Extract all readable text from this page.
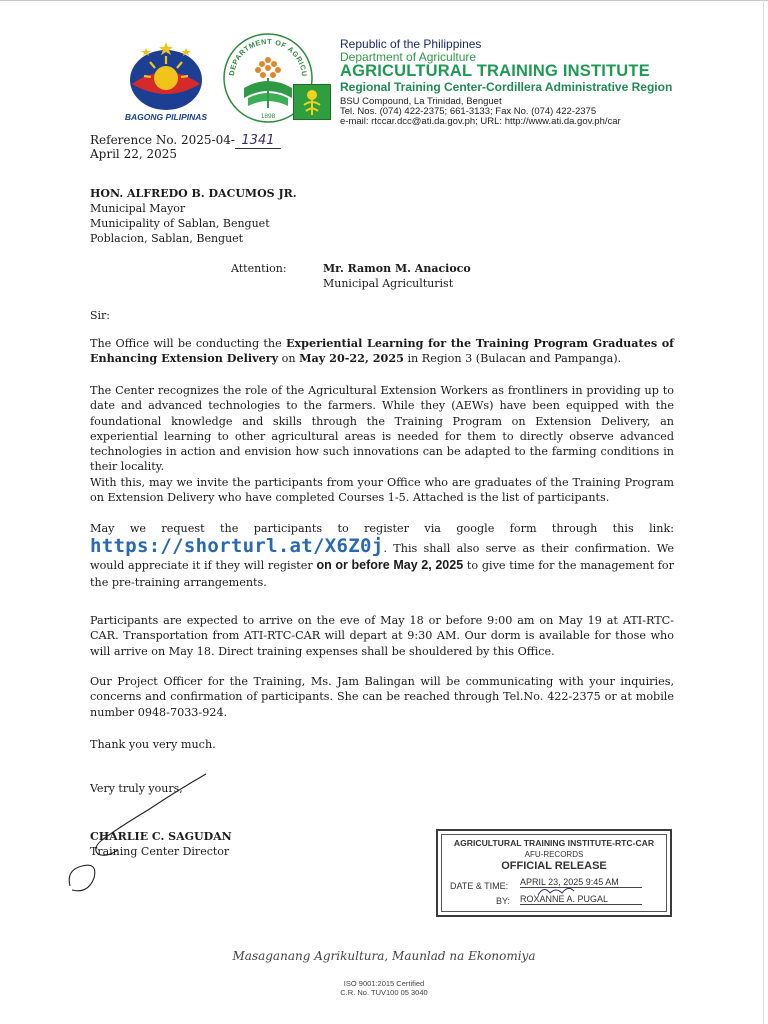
BAGONG PILIPINAS
DEPARTMENT OF AGRICU
1898
Republic of the Philippines
Department of Agriculture
AGRICULTURAL TRAINING INSTITUTE
Regional Training Center-Cordillera Administrative Region
BSU Compound, La Trinidad, Benguet
Tel. Nos. (074) 422-2375; 661-3133; Fax No. (074) 422-2375
e-mail: rtccar.dcc@ati.da.gov.ph; URL: http://www.ati.da.gov.ph/car
Reference No. 2025-04- 1341
April 22, 2025
HON. ALFREDO B. DACUMOS JR.
Municipal Mayor
Municipality of Sablan, Benguet
Poblacion, Sablan, Benguet
Attention:	Mr. Ramon M. Anacioco
Municipal Agriculturist
Sir:
The Office will be conducting the Experiential Learning for the Training Program Graduates of Enhancing Extension Delivery on May 20-22, 2025 in Region 3 (Bulacan and Pampanga).
The Center recognizes the role of the Agricultural Extension Workers as frontliners in providing up to date and advanced technologies to the farmers. While they (AEWs) have been equipped with the foundational knowledge and skills through the Training Program on Extension Delivery, an experiential learning to other agricultural areas is needed for them to directly observe advanced technologies in action and envision how such innovations can be adapted to the farming conditions in their locality.
With this, may we invite the participants from your Office who are graduates of the Training Program on Extension Delivery who have completed Courses 1-5. Attached is the list of participants.
May we request the participants to register via google form through this link:
https://shorturl.at/X6Z0j. This shall also serve as their confirmation. We would appreciate it if they will register on or before May 2, 2025 to give time for the management for the pre-training arrangements.
Participants are expected to arrive on the eve of May 18 or before 9:00 am on May 19 at ATI-RTC-CAR. Transportation from ATI-RTC-CAR will depart at 9:30 AM. Our dorm is available for those who will arrive on May 18. Direct training expenses shall be shouldered by this Office.
Our Project Officer for the Training, Ms. Jam Balingan will be communicating with your inquiries, concerns and confirmation of participants. She can be reached through Tel.No. 422-2375 or at mobile number 0948-7033-924.
Thank you very much.
Very truly yours,
CHARLIE C. SAGUDAN
Training Center Director
AGRICULTURAL TRAINING INSTITUTE-RTC-CAR
AFU-RECORDS
OFFICIAL RELEASE
DATE & TIME: APRIL 23, 2025 9:45 AM
BY: ROXANNE A. PUGAL
Masaganang Agrikultura, Maunlad na Ekonomiya
ISO 9001:2015 Certified
C.R. No. TUV100 05 3040
